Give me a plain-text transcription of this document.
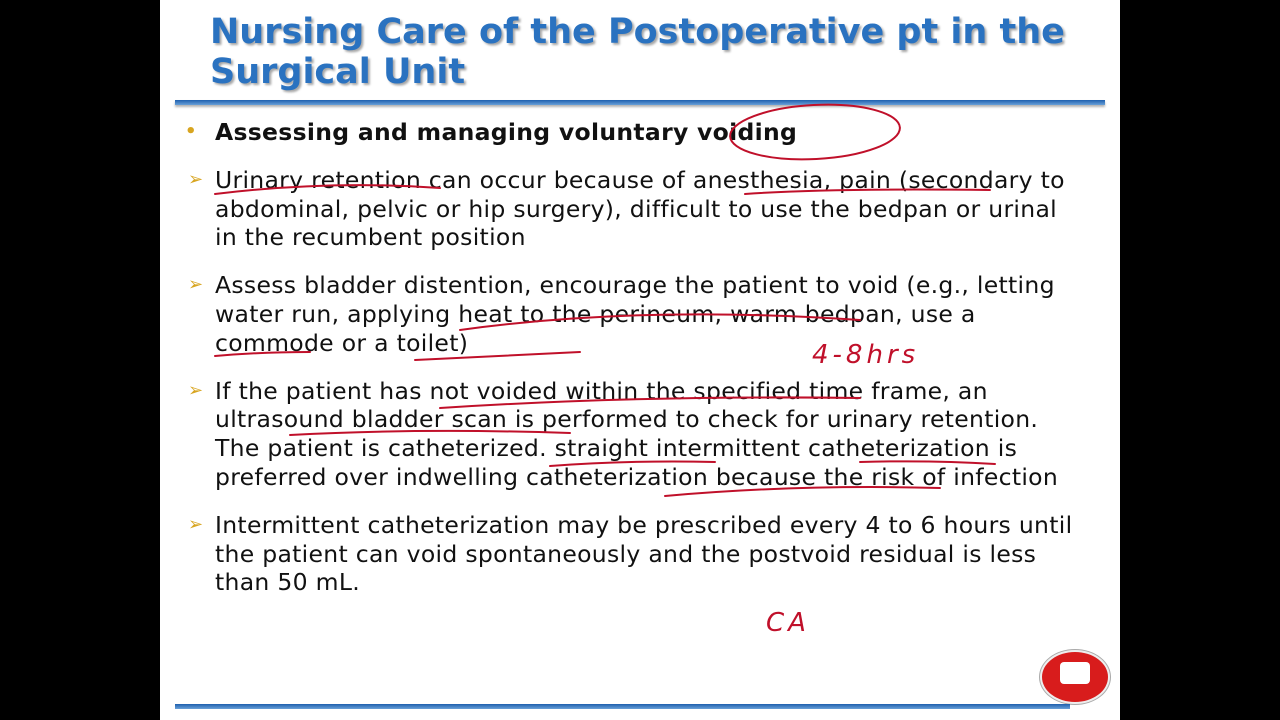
Nursing Care of the Postoperative pt in the Surgical Unit
• Assessing and managing voluntary voiding
➢ Urinary retention can occur because of anesthesia, pain (secondary to abdominal, pelvic or hip surgery), difficult to use the bedpan or urinal in the recumbent position
➢ Assess bladder distention, encourage the patient to void (e.g., letting water run, applying heat to the perineum, warm bedpan, use a commode or a toilet)
➢ If the patient has not voided within the specified time frame, an ultrasound bladder scan is performed to check for urinary retention. The patient is catheterized. straight intermittent catheterization is preferred over indwelling catheterization because the risk of infection
➢ Intermittent catheterization may be prescribed every 4 to 6 hours until the patient can void spontaneously and the postvoid residual is less than 50 mL.
4-8hrs
CA
